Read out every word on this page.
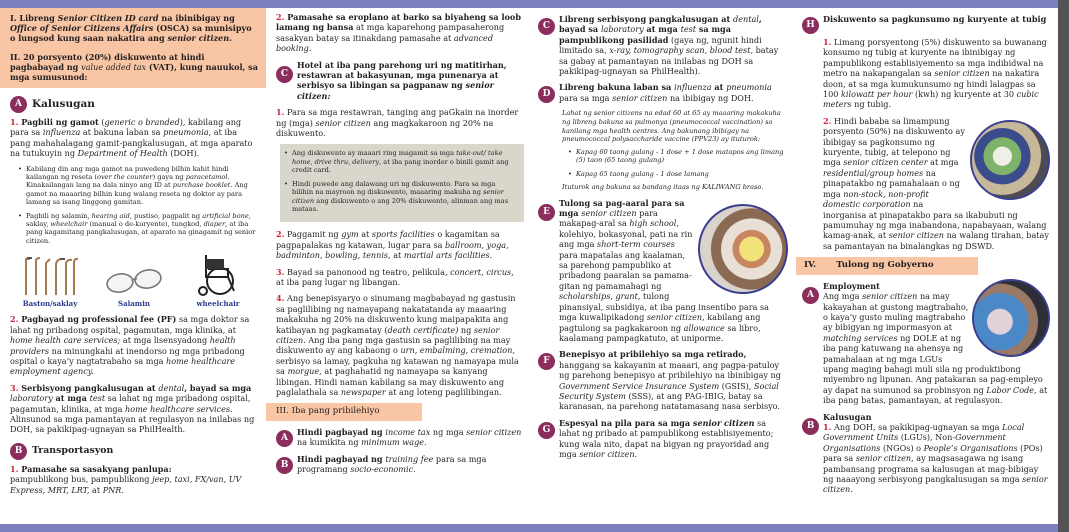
I. Libreng Senior Citizen ID card na ibinibigay ng Office of Senior Citizens Affairs (OSCA) sa munisipyo o lungsod kung saan nakatira ang senior citizen.

II. 20 porsyento (20%) diskuwento at hindi pagbabayad ng value added tax (VAT), kung nauukol, sa mga sumusunod:

A Kalusugan
1. Pagbili ng gamot (generic o branded), kabilang ang para sa influenza at bakuna laban sa pneumonia, at iba pang mahahalagang gamit-pangkalusugan, at mga aparato na tutukuyin ng Department of Health (DOH).
• Kabilang din ang mga gamot na puwedeng bilhin kahit hindi kailangan ng reseta (over the counter) gaya ng paracetamol. Kinakailangan lang na dala ninyo ang ID at purchase booklet. Ang gamot na maaaring bilhin kung walang reseta ng doktor ay para lamang sa isang linggong gamitan.
• Pagbili ng salamin, hearing aid, pustiso, pagpalit ng artificial bone, saklay, wheelchair (manual o de-kuryente), tungkod, diaper, at iba pang kagamitang pangkalusugan, at aparato na ginagamit ng senior citizen.
Baston/saklay	Salamin	wheelchair
2. Pagbayad ng professional fee (PF) sa mga doktor sa lahat ng pribadong ospital, pagamutan, mga klinika, at home health care services; at mga lisensyadong health providers na minungkahi at inendorso ng mga pribadong ospital o kaya’y nagtatrabaho sa mga home healthcare employment agency.
3. Serbisyong pangkalusugan at dental, bayad sa mga laboratory at mga test sa lahat ng mga pribadong ospital, pagamutan, klinika, at mga home healthcare services. Alinsunod sa mga pamantayan at regulasyon na inilabas ng DOH, sa pakikipag-ugnayan sa PhilHealth.
B	Transportasyon
1. Pamasahe sa sasakyang panlupa:
pampublikong bus, pampublikong jeep, taxi, FX/van, UV Express, MRT, LRT, at PNR.
2. Pamasahe sa eroplano at barko sa biyaheng sa loob lamang ng bansa at mga kaparehong pampasaherong sasakyan batay sa itinakdang pamasahe at advanced booking.
C
Hotel at iba pang parehong uri ng matitirhan, restawran at bakasyunan, mga punenarya at serbisyo sa libingan sa pagpanaw ng senior citizen:
1. Para sa mga restawran, tanging ang paGkain na inorder ng (mga) senior citizen ang magkakaroon ng 20% na diskuwento.
• Ang diskuwento ay maaari ring magamit sa mga take-out/ take home, drive thru, delivery, at iba pang inorder o binili gamit ang credit card.
• Hindi puwede ang dalawang uri ng diskuwento. Para sa mga bilihin na mayroon ng diskuwento, maaaring makuha ng senior citizen ang diskuwento o ang 20% diskuwento, alinman ang mas mataas.
2. Paggamit ng gym at sports facilities o kagamitan sa pagpapalakas ng katawan, lugar para sa ballroom, yoga, badminton, bowling, tennis, at martial arts facilities.
3. Bayad sa panonood ng teatro, pelikula, concert, circus, at iba pang lugar ng libangan.
4. Ang benepisyaryo o sinumang magbabayad ng gastusin sa paglilibing ng namayapang nakatatanda ay maaaring makakuha ng 20% na diskuwento kung maipapakita ang katibayan ng pagkamatay (death certificate) ng senior citizen. Ang iba pang mga gastusin sa paglilibing na may diskuwento ay ang kabaong o urn, embalming, cremation, serbisyo sa lamay, pagkuha ng katawan ng namayapa mula sa morgue, at paghahatid ng namayapa sa kanyang libingan. Hindi naman kabilang sa may diskuwento ang paglalathala sa newspaper at ang loteng paglilibingan.
III. Iba pang pribilehiyo
A
Hindi pagbayad ng income tax ng mga senior citizen na kumikita ng minimum wage.
B
Hindi pagbayad ng training fee para sa mga programang socio-economic.
C
Libreng serbisyong pangkalusugan at dental, bayad sa laboratory at mga test sa mga pampublikong pasilidad (gaya ng, ngunit hindi limitado sa, x-ray, tomography scan, blood test, batay sa gabay at pamantayan na inilabas ng DOH sa pakikipag-ugnayan sa PhilHealth).
D
Libreng bakuna laban sa influenza at pneumonia para sa mga senior citizen na ibibigay ng DOH.
Lahat ng senior citizens na edad 60 at 65 ay maaaring makakuha ng libreng bakuna sa pulmonya (pneumococcal vaccination) sa kanilang mga health centres. Ang bakunang ibibigay na pneumococcal polysaccharide vaccine (PPV23) ay ituturok:
• Kapag 60 taong gulang - 1 dose + 1 dose matapos ang limang (5) taon (65 taong gulang)
• Kapag 65 taong gulang - 1 dose lamang
Ituturok ang bakuna sa bandang itaas ng KALIWANG braso.
E
Tulong sa pag-aaral para sa mga senior citizen para makapag-aral sa high school, kolehiyo, bokasyonal, pati na rin ang mga short-term courses para mapatalas ang kaalaman, sa parehong pampubliko at pribadong paaralan sa pamama-gitan ng pamamahagi ng scholarships, grant, tulong pinansiyal, subsidiya, at iba pang insentibo para sa mga kuwalipikadong senior citizen, kabilang ang pagtulong sa pagkakaroon ng allowance sa libro, kaalamang pampagkatuto, at uniporme.
F
Benepisyo at pribilehiyo sa mga retirado, hanggang sa kakayanin at maaari, ang pagpa-patuloy ng parehong benepisyo at pribilehiyo na ibinibigay ng Government Service Insurance System (GSIS), Social Security System (SSS), at ang PAG-IBIG, batay sa karanasan, na parehong natatamasang nasa serbisyo.
G
Espesyal na pila para sa mga senior citizen sa lahat ng pribado at pampublikong establisiyemento; kung wala nito, dapat na bigyan ng prayoridad ang mga senior citizen.
H
Diskuwento sa pagkunsumo ng kuryente at tubig
1. Limang porsyentong (5%) diskuwento sa buwanang konsumo ng tubig at kuryente na ibinibigay ng pampublikong establisiyemento sa mga indibidwal na metro na nakapangalan sa senior citizen na nakatira doon, at sa mga kumukunsumo ng hindi lalagpas sa 100 kilowatt per hour (kwh) ng kuryente at 30 cubic meters ng tubig.
2. Hindi bababa sa limampung porsyento (50%) na diskuwento ay ibibigay sa pagkonsumo ng kuryente, tubig, at telepono ng mga senior citizen center at mga residential/group homes na pinapatakbo ng pamahalaan o ng mga non-stock, non-profit domestic corporation na inorganisa at pinapatakbo para sa ikabubuti ng pamumuhay ng mga inabandona, napabayaan, walang kamag-anak, at senior citizen na walang tirahan, batay sa pamantayan na binalangkas ng DSWD.
IV. Tulong ng Gobyerno
A
Employment
Ang mga senior citizen na may kakayahan at gustong magtrabaho, o kaya’y gusto muling magtrabaho ay bibigyan ng impormasyon at matching services ng DOLE at ng iba pang katuwang na ahensya ng pamahalaan at ng mga LGUs upang maging bahagi muli sila ng produktibong miyembro ng lipunan. Ang patakaran sa pag-empleyo ay dapat na sumunod sa probinsyon ng Labor Code, at iba pang batas, pamantayan, at regulasyon.
B
Kalusugan
1. Ang DOH, sa pakikipag-ugnayan sa mga Local Government Units (LGUs), Non-Government Organisations (NGOs) o People’s Organisations (POs) para sa senior citizen, ay magsasagawa ng isang pambansang programa sa kalusugan at mag-bibigay ng naaayong serbisyong pangkalusugan sa mga senior citizen.
